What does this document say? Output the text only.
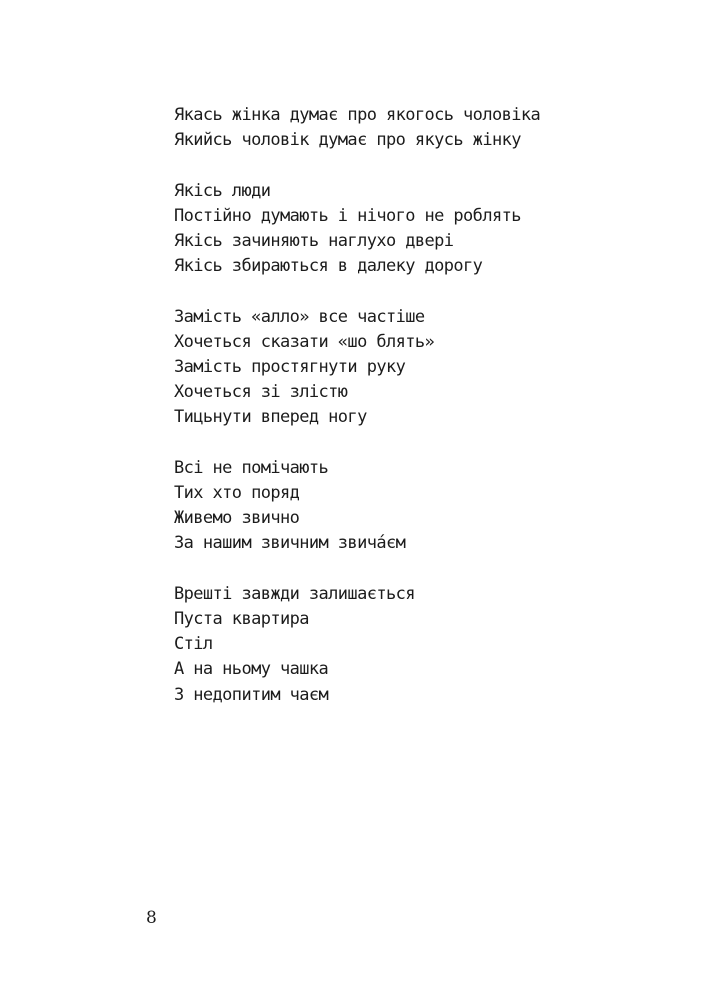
Якась жінка думає про якогось чоловіка
Якийсь чоловік думає про якусь жінку
Якісь люди
Постійно думають і нічого не роблять
Якісь зачиняють наглухо двері
Якісь збираються в далеку дорогу
Замість «алло» все частіше
Хочеться сказати «шо блять»
Замість простягнути руку
Хочеться зі злістю
Тицьнути вперед ногу
Всі не помічають
Тих хто поряд
Живемо звично
За нашим звичним звичáєм
Врешті завжди залишається
Пуста квартира
Стіл
А на ньому чашка
З недопитим чаєм
8
